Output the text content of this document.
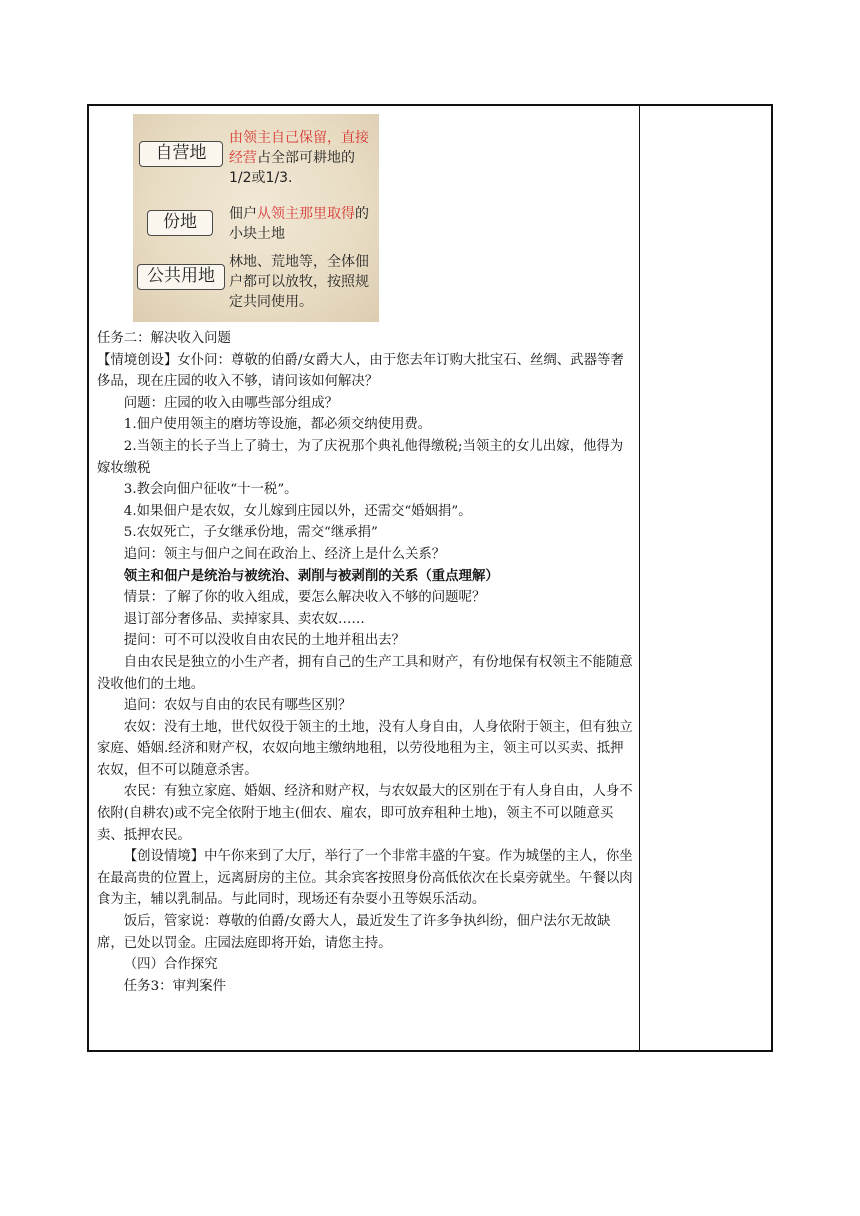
自营地
由领主自己保留，直接经营占全部可耕地的1/2或1/3.
份地	佃户从领主那里取得的小块土地
公共用地
林地、荒地等，全体佃户都可以放牧，按照规定共同使用。

任务二：解决收入问题

【情境创设】女仆问：尊敬的伯爵/女爵大人，由于您去年订购大批宝石、丝绸、武器等奢侈品，现在庄园的收入不够，请问该如何解决？

问题：庄园的收入由哪些部分组成？

1.佃户使用领主的磨坊等设施，都必须交纳使用费。

2.当领主的长子当上了骑士，为了庆祝那个典礼他得缴税;当领主的女儿出嫁，他得为嫁妆缴税

3.教会向佃户征收“十一税”。

4.如果佃户是农奴，女儿嫁到庄园以外，还需交“婚姻捐”。

5.农奴死亡，子女继承份地，需交“继承捐”

追问：领主与佃户之间在政治上、经济上是什么关系？

领主和佃户是统治与被统治、剥削与被剥削的关系（重点理解）

情景：了解了你的收入组成，要怎么解决收入不够的问题呢？

退订部分奢侈品、卖掉家具、卖农奴……

提问：可不可以没收自由农民的土地并租出去？

自由农民是独立的小生产者，拥有自己的生产工具和财产，有份地保有权领主不能随意没收他们的土地。

追问：农奴与自由的农民有哪些区别？

农奴：没有土地，世代奴役于领主的土地，没有人身自由，人身依附于领主，但有独立家庭、婚姻.经济和财产权，农奴向地主缴纳地租，以劳役地租为主，领主可以买卖、抵押农奴，但不可以随意杀害。

农民：有独立家庭、婚姻、经济和财产权，与农奴最大的区别在于有人身自由，人身不依附(自耕农)或不完全依附于地主(佃农、雇农，即可放弃租种土地)，领主不可以随意买卖、抵押农民。

【创设情境】中午你来到了大厅，举行了一个非常丰盛的午宴。作为城堡的主人，你坐在最高贵的位置上，远离厨房的主位。其余宾客按照身份高低依次在长桌旁就坐。午餐以肉食为主，辅以乳制品。与此同时，现场还有杂耍小丑等娱乐活动。

饭后，管家说：尊敬的伯爵/女爵大人，最近发生了许多争执纠纷，佃户法尔无故缺席，已处以罚金。庄园法庭即将开始，请您主持。

（四）合作探究

任务3：审判案件
